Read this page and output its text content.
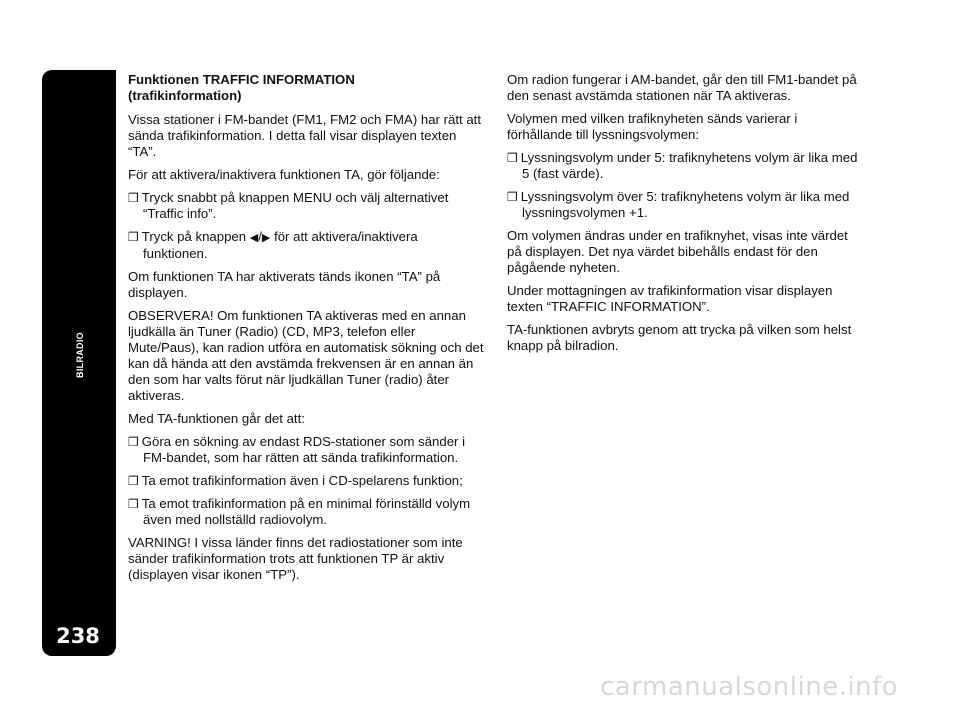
BILRADIO
238

Funktionen TRAFFIC INFORMATION
(trafikinformation)

Vissa stationer i FM-bandet (FM1, FM2 och FMA) har rätt att sända trafikinformation. I detta fall visar displayen texten “TA”.

För att aktivera/inaktivera funktionen TA, gör följande:

❒ Tryck snabbt på knappen MENU och välj alternativet “Traffic info”.

❒ Tryck på knappen ◀/▶ för att aktivera/inaktivera funktionen.

Om funktionen TA har aktiverats tänds ikonen “TA” på displayen.

OBSERVERA! Om funktionen TA aktiveras med en annan ljudkälla än Tuner (Radio) (CD, MP3, telefon eller Mute/Paus), kan radion utföra en automatisk sökning och det kan då hända att den avstämda frekvensen är en annan än den som har valts förut när ljudkällan Tuner (radio) åter aktiveras.

Med TA-funktionen går det att:

❒ Göra en sökning av endast RDS-stationer som sänder i FM-bandet, som har rätten att sända trafikinformation.

❒ Ta emot trafikinformation även i CD-spelarens funktion;

❒ Ta emot trafikinformation på en minimal förinställd volym även med nollställd radiovolym.

VARNING! I vissa länder finns det radiostationer som inte sänder trafikinformation trots att funktionen TP är aktiv (displayen visar ikonen “TP”).

Om radion fungerar i AM-bandet, går den till FM1-bandet på den senast avstämda stationen när TA aktiveras.

Volymen med vilken trafiknyheten sänds varierar i förhållande till lyssningsvolymen:

❒ Lyssningsvolym under 5: trafiknyhetens volym är lika med 5 (fast värde).

❒ Lyssningsvolym över 5: trafiknyhetens volym är lika med lyssningsvolymen +1.

Om volymen ändras under en trafiknyhet, visas inte värdet på displayen. Det nya värdet bibehålls endast för den pågående nyheten.

Under mottagningen av trafikinformation visar displayen texten “TRAFFIC INFORMATION”.

TA-funktionen avbryts genom att trycka på vilken som helst knapp på bilradion.

carmanualsonline.info
